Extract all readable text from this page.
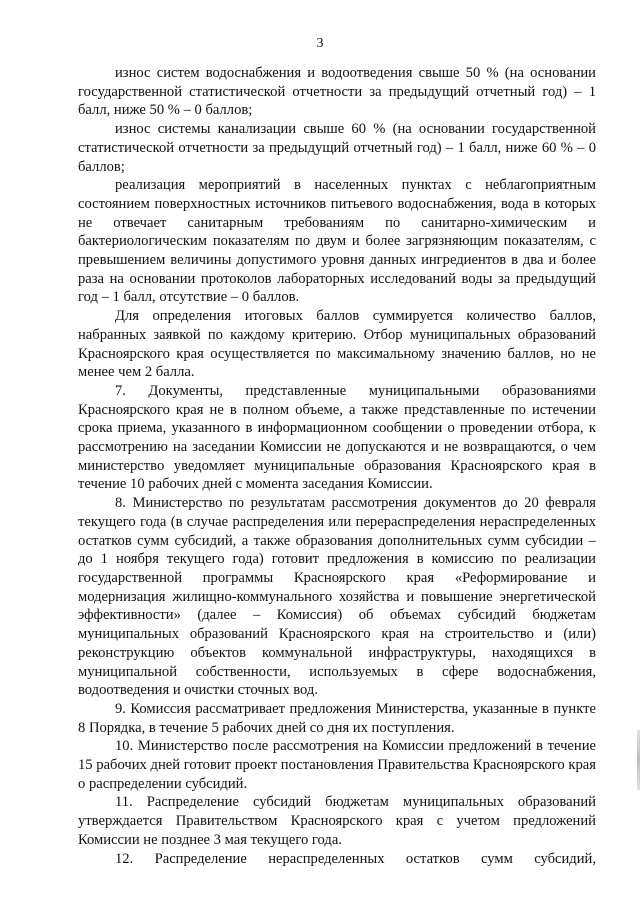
3

износ систем водоснабжения и водоотведения свыше 50 % (на основании государственной статистической отчетности за предыдущий отчетный год) – 1 балл, ниже 50 % – 0 баллов;

износ системы канализации свыше 60 % (на основании государственной статистической отчетности за предыдущий отчетный год) – 1 балл, ниже 60 % – 0 баллов;

реализация мероприятий в населенных пунктах с неблагоприятным состоянием поверхностных источников питьевого водоснабжения, вода в которых не отвечает санитарным требованиям по санитарно-химическим и бактериологическим показателям по двум и более загрязняющим показателям, с превышением величины допустимого уровня данных ингредиентов в два и более раза на основании протоколов лабораторных исследований воды за предыдущий год – 1 балл, отсутствие – 0 баллов.

Для определения итоговых баллов суммируется количество баллов, набранных заявкой по каждому критерию. Отбор муниципальных образований Красноярского края осуществляется по максимальному значению баллов, но не менее чем 2 балла.

7. Документы, представленные муниципальными образованиями Красноярского края не в полном объеме, а также представленные по истечении срока приема, указанного в информационном сообщении о проведении отбора, к рассмотрению на заседании Комиссии не допускаются и не возвращаются, о чем министерство уведомляет муниципальные образования Красноярского края в течение 10 рабочих дней с момента заседания Комиссии.

8. Министерство по результатам рассмотрения документов до 20 февраля текущего года (в случае распределения или перераспределения нераспределенных остатков сумм субсидий, а также образования дополнительных сумм субсидии – до 1 ноября текущего года) готовит предложения в комиссию по реализации государственной программы Красноярского края «Реформирование и модернизация жилищно-коммунального хозяйства и повышение энергетической эффективности» (далее – Комиссия) об объемах субсидий бюджетам муниципальных образований Красноярского края на строительство и (или) реконструкцию объектов коммунальной инфраструктуры, находящихся в муниципальной собственности, используемых в сфере водоснабжения, водоотведения и очистки сточных вод.

9. Комиссия рассматривает предложения Министерства, указанные в пункте 8 Порядка, в течение 5 рабочих дней со дня их поступления.

10. Министерство после рассмотрения на Комиссии предложений в течение 15 рабочих дней готовит проект постановления Правительства Красноярского края о распределении субсидий.

11. Распределение субсидий бюджетам муниципальных образований утверждается Правительством Красноярского края с учетом предложений Комиссии не позднее 3 мая текущего года.

12. Распределение нераспределенных остатков сумм субсидий,
